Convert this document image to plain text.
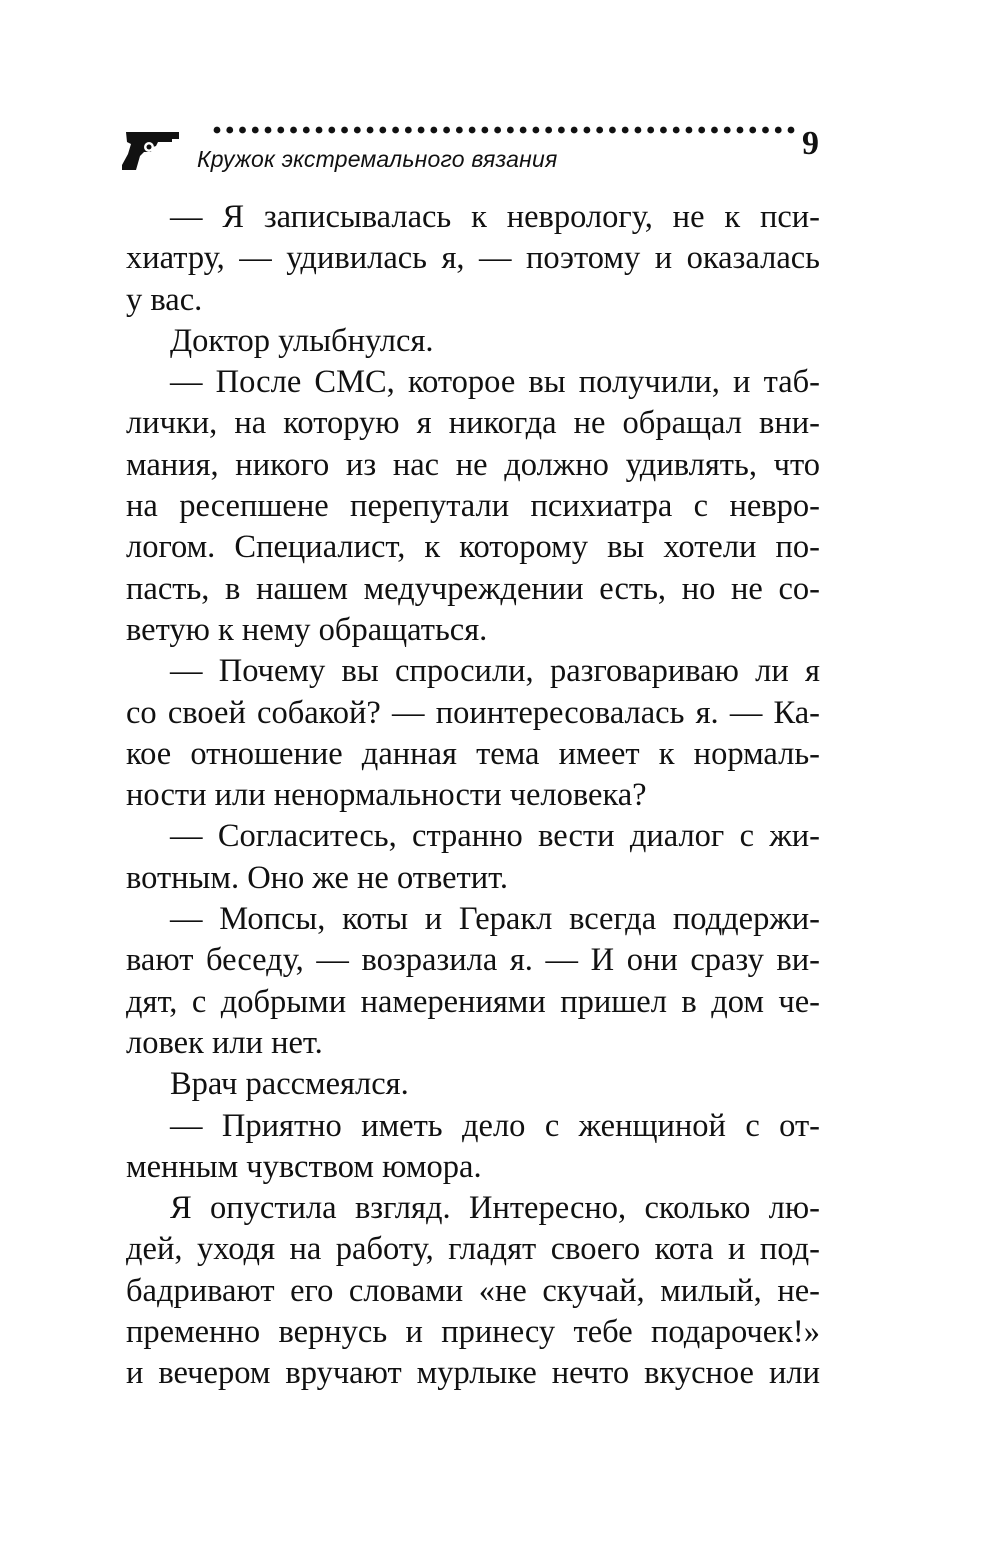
Кружок экстремального вязания	9
— Я записывалась к неврологу, не к пси-
хиатру, — удивилась я, — поэтому и оказалась
у вас.
Доктор улыбнулся.
— После СМС, которое вы получили, и таб-
лички, на которую я никогда не обращал вни-
мания, никого из нас не должно удивлять, что
на ресепшене перепутали психиатра с невро-
логом. Специалист, к которому вы хотели по-
пасть, в нашем медучреждении есть, но не со-
ветую к нему обращаться.
— Почему вы спросили, разговариваю ли я
со своей собакой? — поинтересовалась я. — Ка-
кое отношение данная тема имеет к нормаль-
ности или ненормальности человека?
— Согласитесь, странно вести диалог с жи-
вотным. Оно же не ответит.
— Мопсы, коты и Геракл всегда поддержи-
вают беседу, — возразила я. — И они сразу ви-
дят, с добрыми намерениями пришел в дом че-
ловек или нет.
Врач рассмеялся.
— Приятно иметь дело с женщиной с от-
менным чувством юмора.
Я опустила взгляд. Интересно, сколько лю-
дей, уходя на работу, гладят своего кота и под-
бадривают его словами «не скучай, милый, не-
пременно вернусь и принесу тебе подарочек!»
и вечером вручают мурлыке нечто вкусное или
